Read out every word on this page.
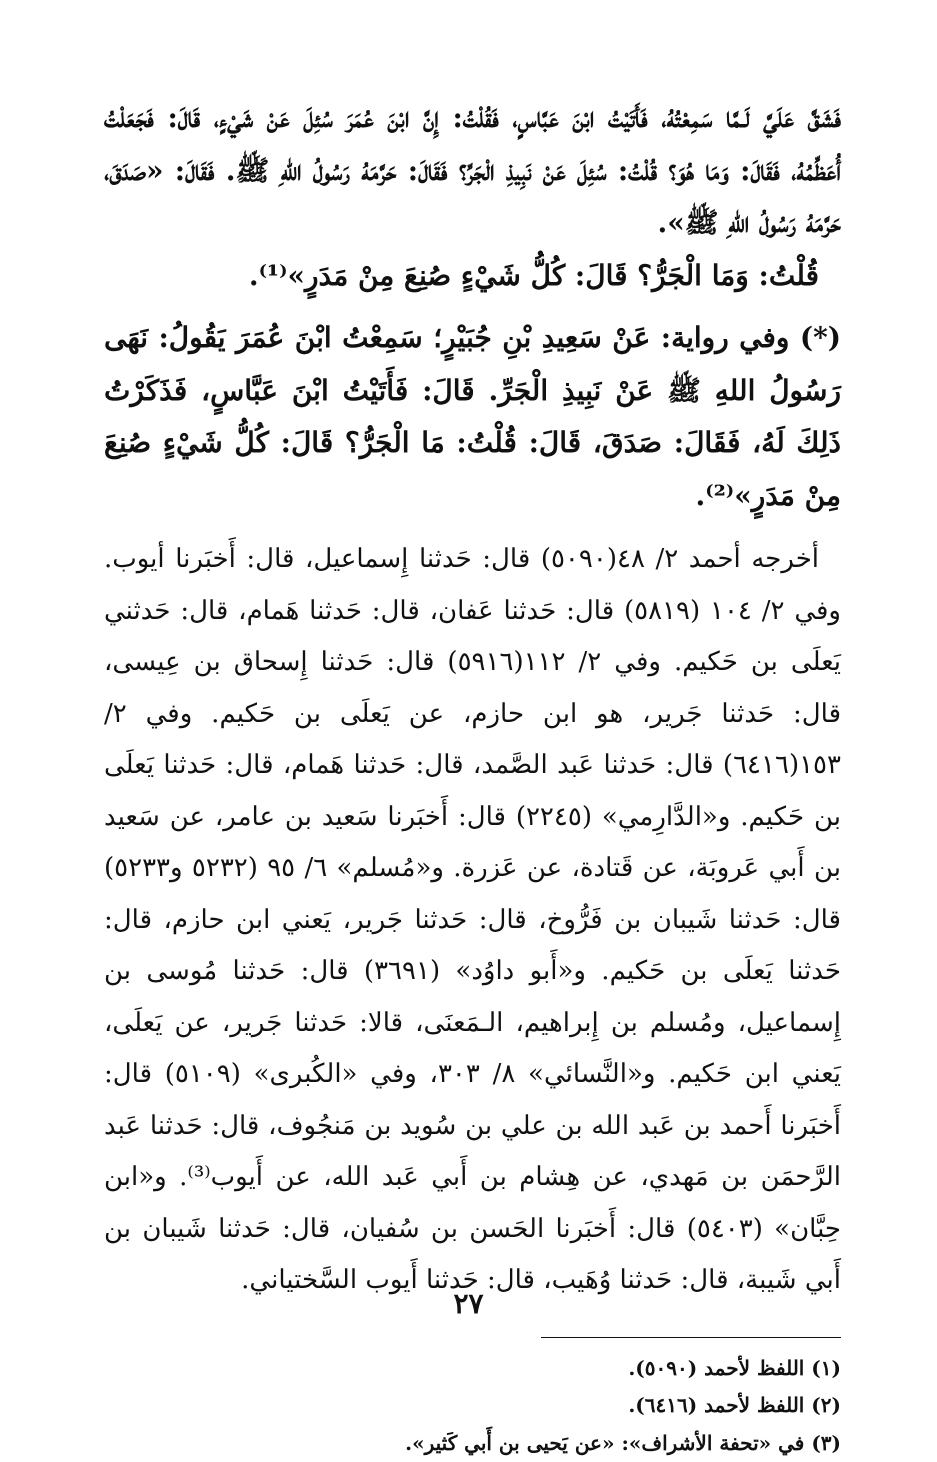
فَشَقَّ عَلَيَّ لَـمَّا سَمِعْتُهُ، فَأَتَيْتُ ابْنَ عَبَّاسٍ، فَقُلْتُ: إِنَّ ابْنَ عُمَرَ سُئِلَ عَنْ شَيْءٍ، قَالَ: فَجَعَلْتُ أُعَظِّمُهُ، فَقَالَ: وَمَا هُوَ؟ قُلْتُ: سُئِلَ عَنْ نَبِيذِ الْجَرِّ؟ فَقَالَ: حَرَّمَهُ رَسُولُ اللهِ ﷺ. فَقَالَ: «صَدَقَ، حَرَّمَهُ رَسُولُ اللهِ ﷺ».

قُلْتُ: وَمَا الْجَرُّ؟ قَالَ: كُلُّ شَيْءٍ صُنِعَ مِنْ مَدَرٍ»⁽¹⁾.

(*) وفي رواية: عَنْ سَعِيدِ بْنِ جُبَيْرٍ؛ سَمِعْتُ ابْنَ عُمَرَ يَقُولُ: نَهَى رَسُولُ اللهِ ﷺ عَنْ نَبِيذِ الْجَرِّ. قَالَ: فَأَتَيْتُ ابْنَ عَبَّاسٍ، فَذَكَرْتُ ذَلِكَ لَهُ، فَقَالَ: صَدَقَ، قَالَ: قُلْتُ: مَا الْجَرُّ؟ قَالَ: كُلُّ شَيْءٍ صُنِعَ مِنْ مَدَرٍ»⁽²⁾.

أخرجه أحمد ٢/ ٤٨(٥٠٩٠) قال: حَدثنا إِسماعيل، قال: أَخبَرنا أيوب. وفي ٢/ ١٠٤ (٥٨١٩) قال: حَدثنا عَفان، قال: حَدثنا هَمام، قال: حَدثني يَعلَى بن حَكيم. وفي ٢/ ١١٢(٥٩١٦) قال: حَدثنا إِسحاق بن عِيسى، قال: حَدثنا جَرير، هو ابن حازم، عن يَعلَى بن حَكيم. وفي ٢/ ١٥٣(٦٤١٦) قال: حَدثنا عَبد الصَّمد، قال: حَدثنا هَمام، قال: حَدثنا يَعلَى بن حَكيم. و«الدَّارِمي» (٢٢٤٥) قال: أَخبَرنا سَعيد بن عامر، عن سَعيد بن أَبي عَروبَة، عن قَتادة، عن عَزرة. و«مُسلم» ٦/ ٩٥ (٥٢٣٢ و٥٢٣٣) قال: حَدثنا شَيبان بن فَرُّوخ، قال: حَدثنا جَرير، يَعني ابن حازم، قال: حَدثنا يَعلَى بن حَكيم. و«أَبو داوُد» (٣٦٩١) قال: حَدثنا مُوسى بن إِسماعيل، ومُسلم بن إِبراهيم، الـمَعنَى، قالا: حَدثنا جَرير، عن يَعلَى، يَعني ابن حَكيم. و«النَّسائي» ٨/ ٣٠٣، وفي «الكُبرى» (٥١٠٩) قال: أَخبَرنا أَحمد بن عَبد الله بن علي بن سُويد بن مَنجُوف، قال: حَدثنا عَبد الرَّحمَن بن مَهدي، عن هِشام بن أَبي عَبد الله، عن أَيوب⁽³⁾. و«ابن حِبَّان» (٥٤٠٣) قال: أَخبَرنا الحَسن بن سُفيان، قال: حَدثنا شَيبان بن أَبي شَيبة، قال: حَدثنا وُهَيب، قال: حَدثنا أَيوب السَّختياني.

(١) اللفظ لأحمد (٥٠٩٠).

(٢) اللفظ لأحمد (٦٤١٦).

(٣) في «تحفة الأشراف»: «عن يَحيى بن أَبي كَثير».

٢٧
